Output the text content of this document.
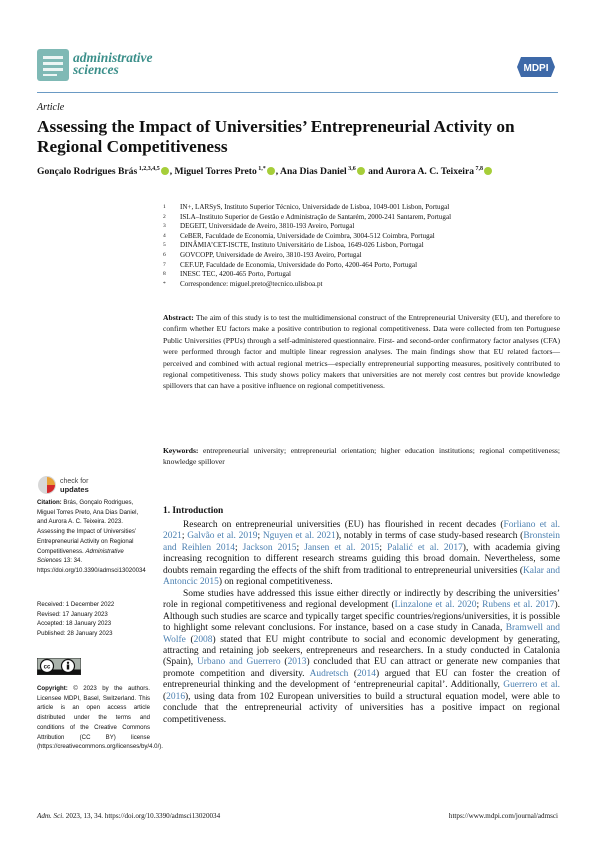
administrative
sciences	MDPI
Article
Assessing the Impact of Universities’ Entrepreneurial Activity on Regional Competitiveness
Gonçalo Rodrigues Brás $^{1,2,3,4,5}$ , Miguel Torres Preto $^{1,*}$ , Ana Dias Daniel $^{3,6}$ and Aurora A. C. Teixeira $^{7,8}$
1	IN+, LARSyS, Instituto Superior Técnico, Universidade de Lisboa, 1049-001 Lisbon, Portugal
2	ISLA–Instituto Superior de Gestão e Administração de Santarém, 2000-241 Santarem, Portugal
3	DEGEIT, Universidade de Aveiro, 3810-193 Aveiro, Portugal
4	CeBER, Faculdade de Economia, Universidade de Coimbra, 3004-512 Coimbra, Portugal
5	DINÂMIA’CET-ISCTE, Instituto Universitário de Lisboa, 1649-026 Lisbon, Portugal
6	GOVCOPP, Universidade de Aveiro, 3810-193 Aveiro, Portugal
7	CEF.UP, Faculdade de Economia, Universidade do Porto, 4200-464 Porto, Portugal
8	INESC TEC, 4200-465 Porto, Portugal
*	Correspondence: miguel.preto@tecnico.ulisboa.pt
Abstract: The aim of this study is to test the multidimensional construct of the Entrepreneurial University (EU), and therefore to confirm whether EU factors make a positive contribution to regional competitiveness. Data were collected from ten Portuguese Public Universities (PPUs) through a self-administered questionnaire. First- and second-order confirmatory factor analyses (CFA) were performed through factor and multiple linear regression analyses. The main findings show that EU related factors—perceived and combined with actual regional metrics—especially entrepreneurial supporting measures, positively contributed to regional competitiveness. This study shows policy makers that universities are not merely cost centres but provide knowledge spillovers that can have a positive influence on regional competitiveness.
Keywords: entrepreneurial university; entrepreneurial orientation; higher education institutions; regional competitiveness; knowledge spillover
check for
updates
Citation: Brás, Gonçalo Rodrigues, Miguel Torres Preto, Ana Dias Daniel, and Aurora A. C. Teixeira. 2023. Assessing the Impact of Universities’ Entrepreneurial Activity on Regional Competitiveness. Administrative Sciences 13: 34. https://doi.org/10.3390/admsci13020034
Received: 1 December 2022
Revised: 17 January 2023
Accepted: 18 January 2023
Published: 28 January 2023
cc
Copyright: © 2023 by the authors. Licensee MDPI, Basel, Switzerland. This article is an open access article distributed under the terms and conditions of the Creative Commons Attribution (CC BY) license (https://creativecommons.org/licenses/by/4.0/).
1. Introduction

Research on entrepreneurial universities (EU) has flourished in recent decades (Forliano et al. 2021; Galvão et al. 2019; Nguyen et al. 2021), notably in terms of case study-based research (Bronstein and Reihlen 2014; Jackson 2015; Jansen et al. 2015; Palalić et al. 2017), with academia giving increasing recognition to different research streams guiding this broad domain. Nevertheless, some doubts remain regarding the effects of the shift from traditional to entrepreneurial universities (Kalar and Antoncic 2015) on regional competitiveness.

Some studies have addressed this issue either directly or indirectly by describing the universities’ role in regional competitiveness and regional development (Linzalone et al. 2020; Rubens et al. 2017). Although such studies are scarce and typically target specific countries/regions/universities, it is possible to highlight some relevant conclusions. For instance, based on a case study in Canada, Bramwell and Wolfe (2008) stated that EU might contribute to social and economic development by generating, attracting and retaining job seekers, entrepreneurs and researchers. In a study conducted in Catalonia (Spain), Urbano and Guerrero (2013) concluded that EU can attract or generate new companies that promote competition and diversity. Audretsch (2014) argued that EU can foster the creation of entrepreneurial thinking and the development of ‘entrepreneurial capital’. Additionally, Guerrero et al. (2016), using data from 102 European universities to build a structural equation model, were able to conclude that the entrepreneurial activity of universities has a positive impact on regional competitiveness.

Adm. Sci. 2023, 13, 34. https://doi.org/10.3390/admsci13020034	https://www.mdpi.com/journal/admsci
